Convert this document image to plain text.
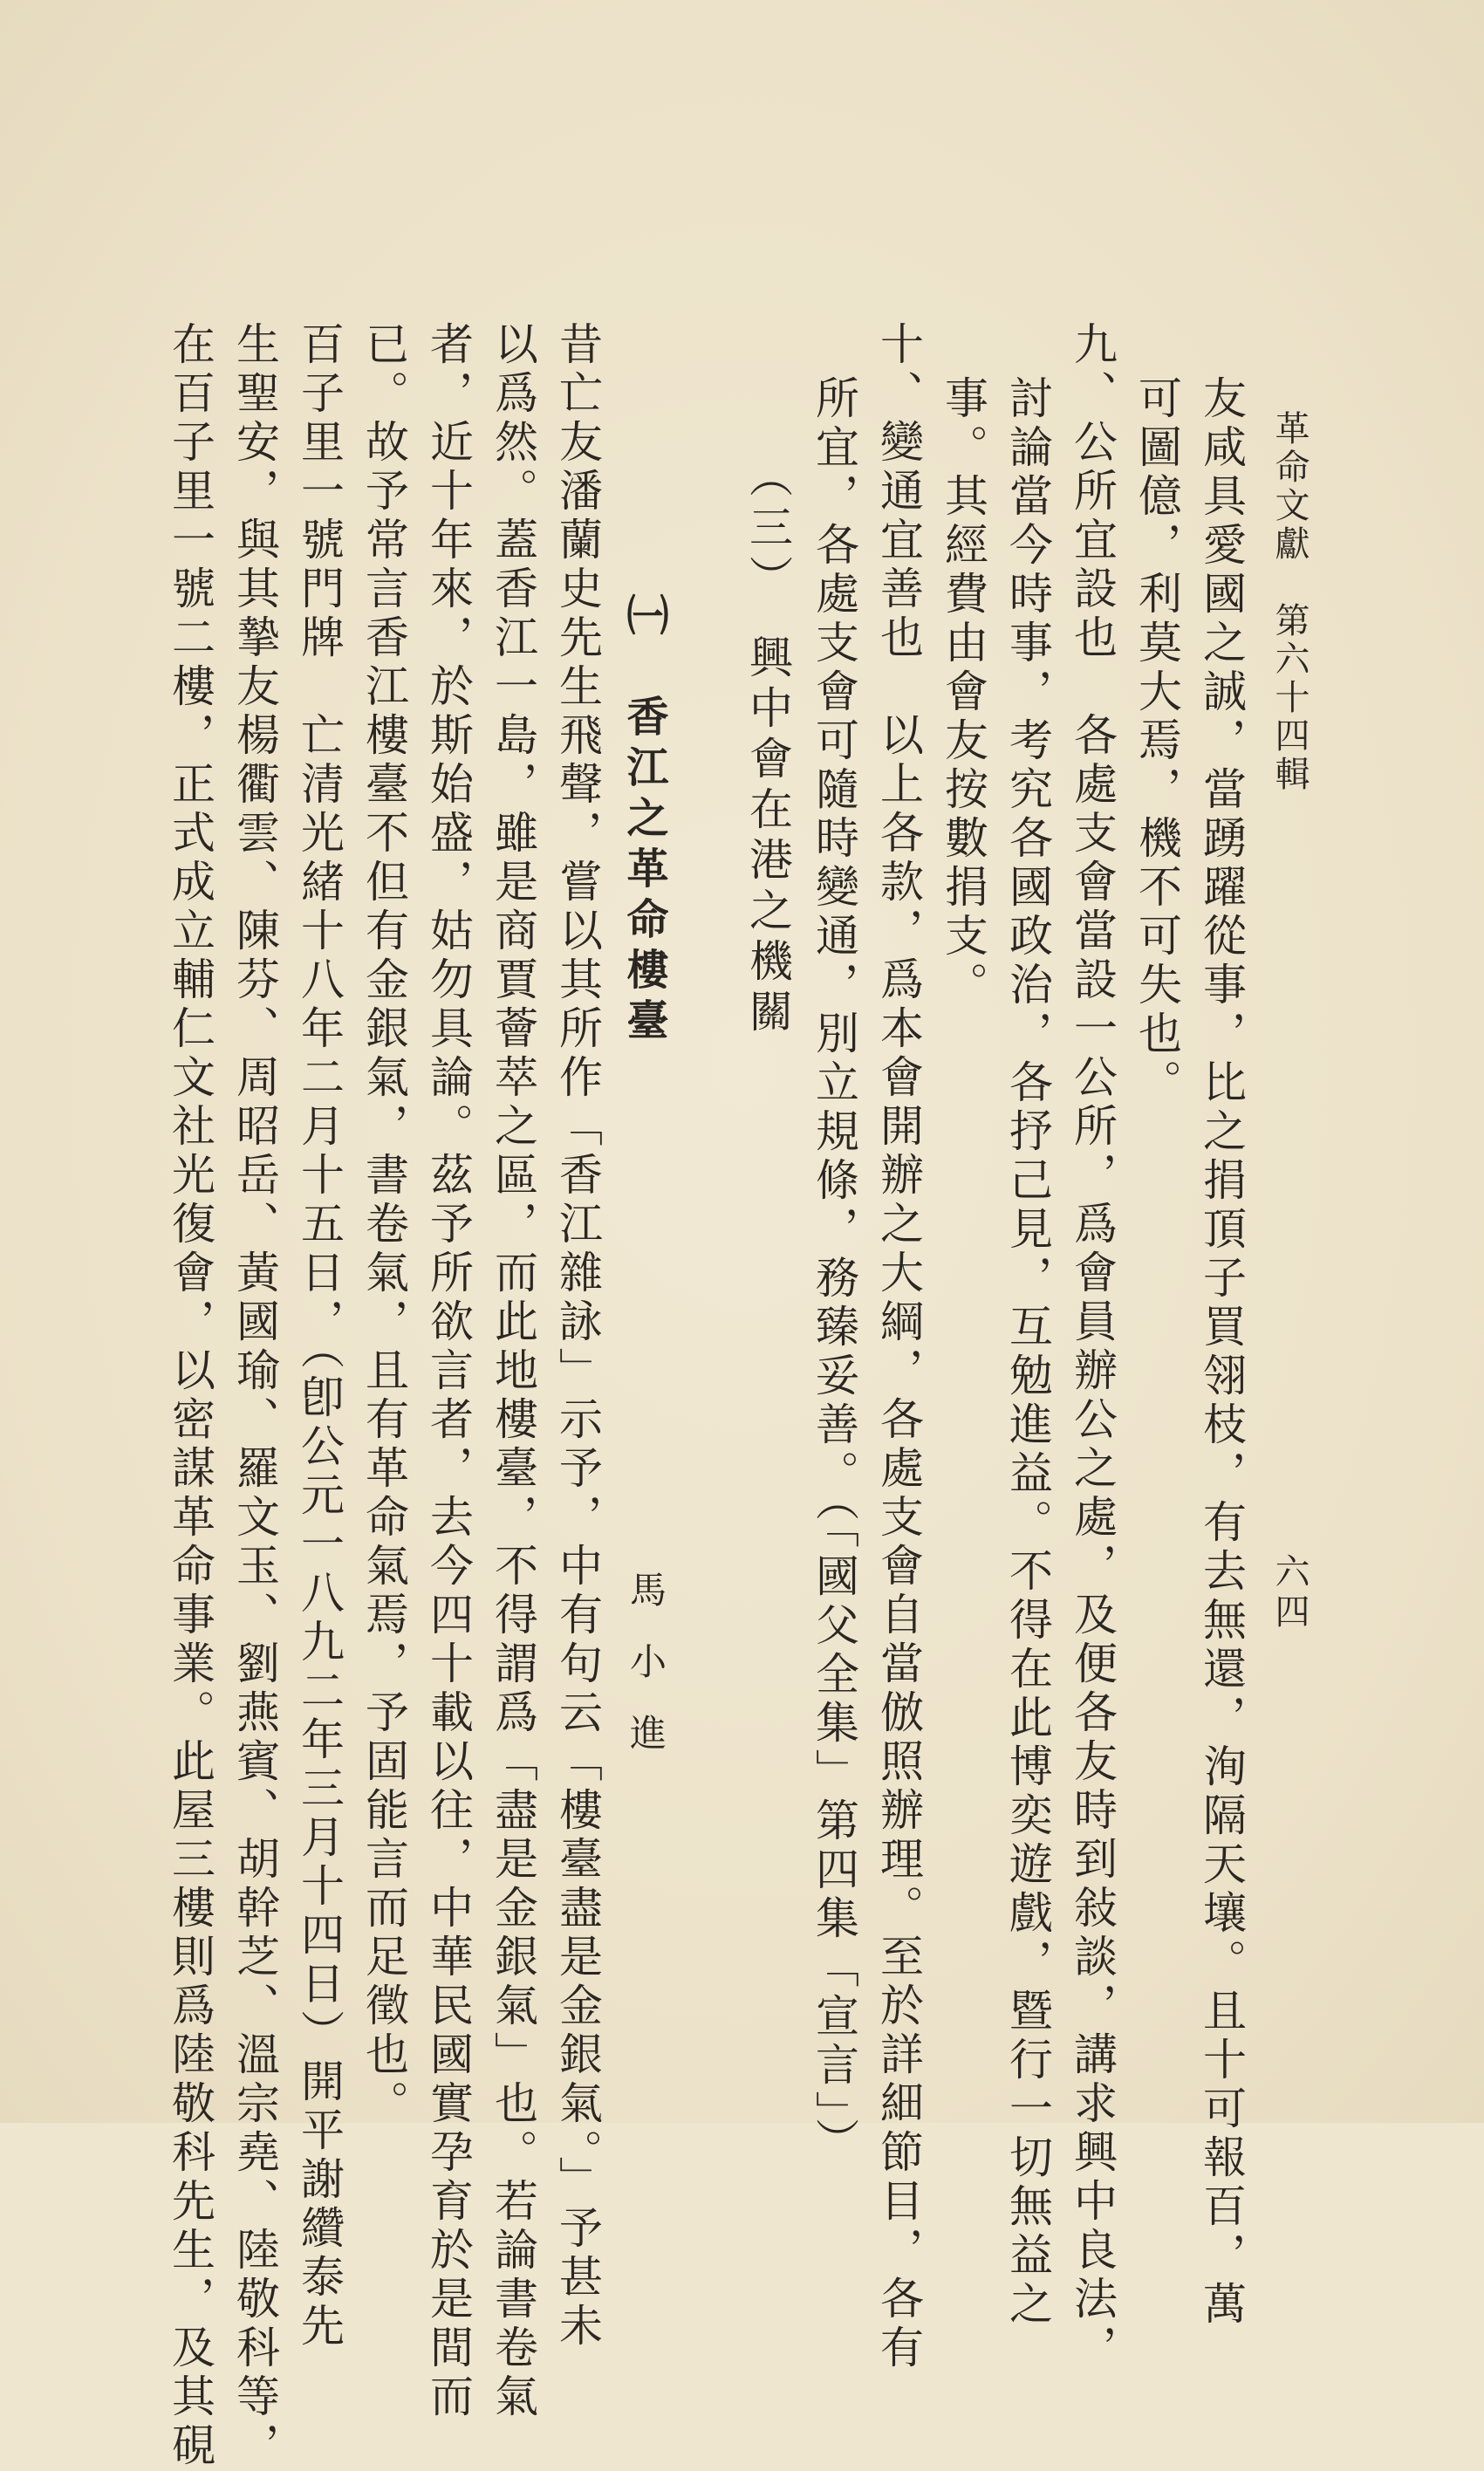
革命文獻　第六十四輯
六四
友咸具愛國之誠，當踴躍從事，比之捐頂子買翎枝，有去無還，洵隔天壤。且十可報百，萬
可圖億，利莫大焉，機不可失也。
九、公所宜設也　各處支會當設一公所，爲會員辦公之處，及便各友時到敍談，講求興中良法，
討論當今時事，考究各國政治，各抒己見，互勉進益。不得在此博奕遊戲，暨行一切無益之
事。其經費由會友按數捐支。
十、變通宜善也　以上各款，爲本會開辦之大綱，各處支會自當倣照辦理。至於詳細節目，各有
所宜，各處支會可隨時變通，別立規條，務臻妥善。（「國父全集」第四集「宣言」）
（三）　興中會在港之機關
㈠　香江之革命樓臺
馬小進
昔亡友潘蘭史先生飛聲，嘗以其所作「香江雜詠」示予，中有句云「樓臺盡是金銀氣。」予甚未
以爲然。蓋香江一島，雖是商賈薈萃之區，而此地樓臺，不得謂爲「盡是金銀氣」也。若論書卷氣
者，近十年來，於斯始盛，姑勿具論。茲予所欲言者，去今四十載以往，中華民國實孕育於是間而
已。故予常言香江樓臺不但有金銀氣，書卷氣，且有革命氣焉，予固能言而足徵也。
百子里一號門牌　亡清光緒十八年二月十五日，（卽公元一八九二年三月十四日）開平謝纘泰先
生聖安，與其摯友楊衢雲、陳芬、周昭岳、黃國瑜、羅文玉、劉燕賓、胡幹芝、溫宗堯、陸敬科等，
在百子里一號二樓，正式成立輔仁文社光復會，以密謀革命事業。此屋三樓則爲陸敬科先生，及其硯
